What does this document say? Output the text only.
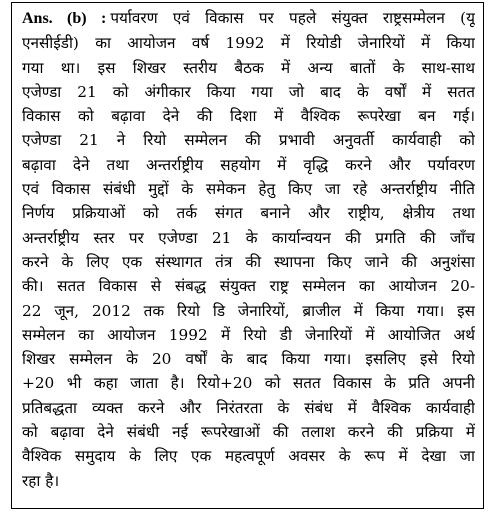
Ans. (b) : पर्यावरण एवं विकास पर पहले संयुक्त राष्ट्रसम्मेलन (यू
एनसीईडी) का आयोजन वर्ष 1992 में रियोडी जेनारियों में किया
गया था। इस शिखर स्तरीय बैठक में अन्य बातों के साथ-साथ
एजेण्डा 21 को अंगीकार किया गया जो बाद के वर्षों में सतत
विकास को बढ़ावा देने की दिशा में वैश्विक रूपरेखा बन गई।
एजेण्डा 21 ने रियो सम्मेलन की प्रभावी अनुवर्ती कार्यवाही को
बढ़ावा देने तथा अन्तर्राष्ट्रीय सहयोग में वृद्धि करने और पर्यावरण
एवं विकास संबंधी मुद्दों के समेकन हेतु किए जा रहे अन्तर्राष्ट्रीय नीति
निर्णय प्रक्रियाओं को तर्क संगत बनाने और राष्ट्रीय, क्षेत्रीय तथा
अन्तर्राष्ट्रीय स्तर पर एजेण्डा 21 के कार्यान्वयन की प्रगति की जाँच
करने के लिए एक संस्थागत तंत्र की स्थापना किए जाने की अनुशंसा
की। सतत विकास से संबद्ध संयुक्त राष्ट्र सम्मेलन का आयोजन 20-
22 जून, 2012 तक रियो डि जेनारियों, ब्राजील में किया गया। इस
सम्मेलन का आयोजन 1992 में रियो डी जेनारियों में आयोजित अर्थ
शिखर सम्मेलन के 20 वर्षों के बाद किया गया। इसलिए इसे रियो
+20 भी कहा जाता है। रियो+20 को सतत विकास के प्रति अपनी
प्रतिबद्धता व्यक्त करने और निरंतरता के संबंध में वैश्विक कार्यवाही
को बढ़ावा देने संबंधी नई रूपरेखाओं की तलाश करने की प्रक्रिया में
वैश्विक समुदाय के लिए एक महत्वपूर्ण अवसर के रूप में देखा जा
रहा है।
